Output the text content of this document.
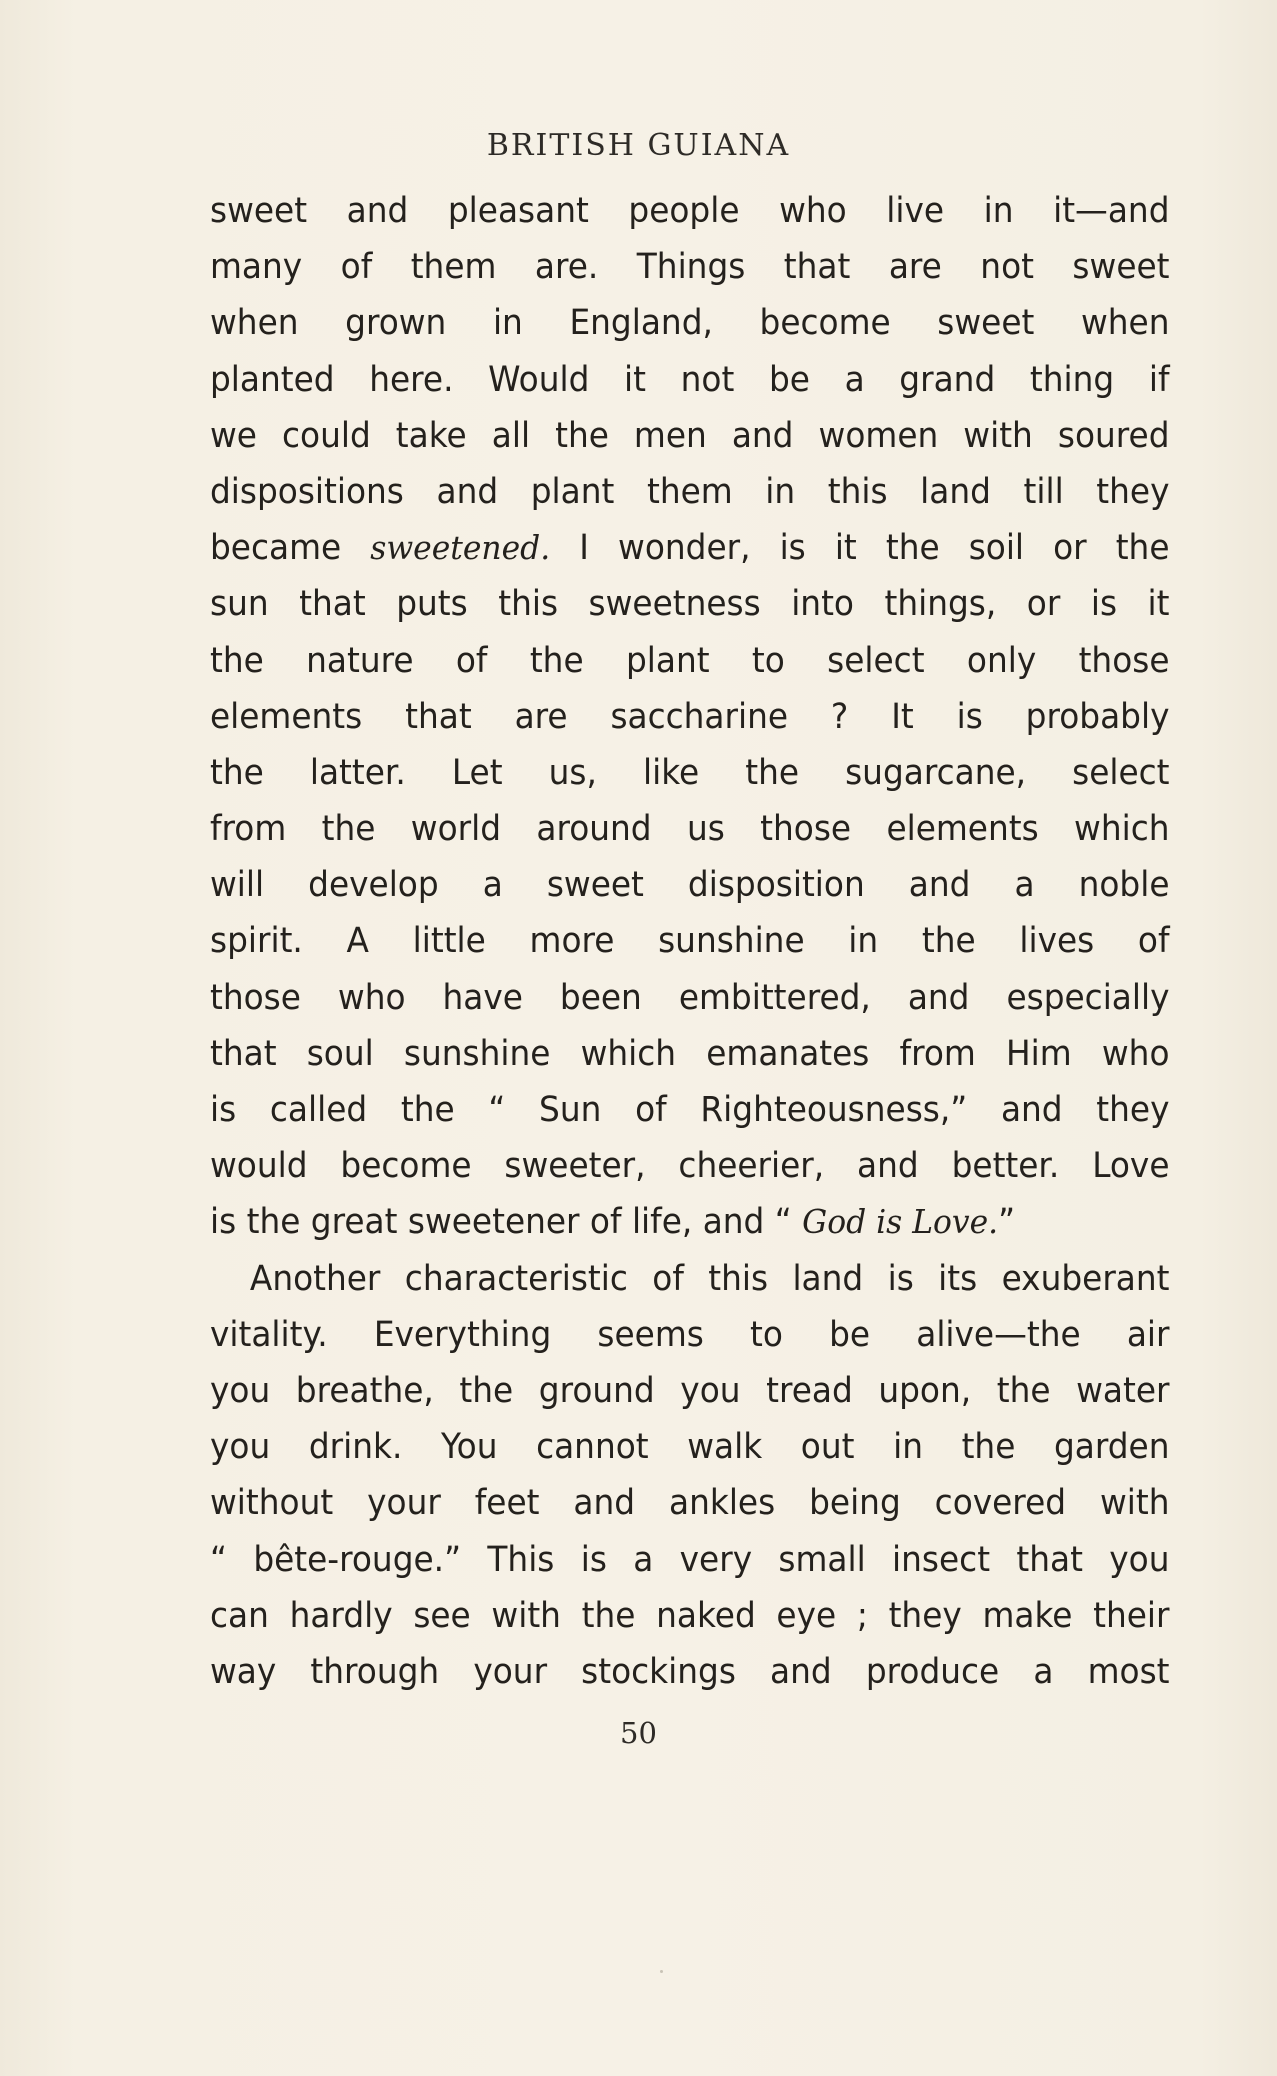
BRITISH GUIANA
sweet and pleasant people who live in it—and
many of them are. Things that are not sweet
when grown in England, become sweet when
planted here. Would it not be a grand thing if
we could take all the men and women with soured
dispositions and plant them in this land till they
became sweetened. I wonder, is it the soil or the
sun that puts this sweetness into things, or is it
the nature of the plant to select only those
elements that are saccharine ? It is probably
the latter. Let us, like the sugarcane, select
from the world around us those elements which
will develop a sweet disposition and a noble
spirit. A little more sunshine in the lives of
those who have been embittered, and especially
that soul sunshine which emanates from Him who
is called the “ Sun of Righteousness,” and they
would become sweeter, cheerier, and better. Love
is the great sweetener of life, and “ God is Love.”
Another characteristic of this land is its exuberant
vitality. Everything seems to be alive—the air
you breathe, the ground you tread upon, the water
you drink. You cannot walk out in the garden
without your feet and ankles being covered with
“ bête-rouge.” This is a very small insect that you
can hardly see with the naked eye ; they make their
way through your stockings and produce a most
50
